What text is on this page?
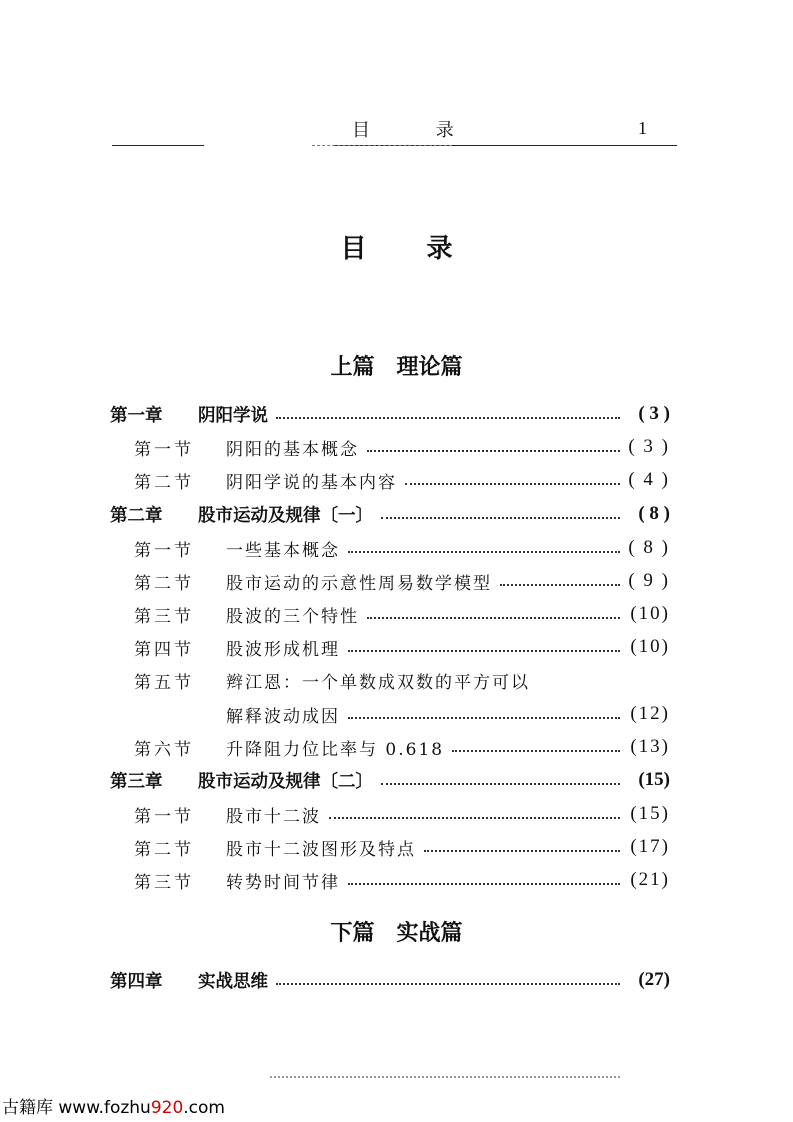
目 录	1
目录
上篇 理论篇
第一章	阴阳学说	( 3 )
第一节	阴阳的基本概念	( 3 )
第二节	阴阳学说的基本内容	( 4 )
第二章	股市运动及规律〔一〕	( 8 )
第一节	一些基本概念	( 8 )
第二节	股市运动的示意性周易数学模型	( 9 )
第三节	股波的三个特性	(10)
第四节	股波形成机理	(10)
第五节	辫江恩：一个单数成双数的平方可以
解释波动成因	(12)
第六节	升降阻力位比率与 0.618	(13)
第三章	股市运动及规律〔二〕	(15)
第一节	股市十二波	(15)
第二节	股市十二波图形及特点	(17)
第三节	转势时间节律	(21)
下篇 实战篇
第四章	实战思维	(27)
古籍库 www.fozhu920.com
